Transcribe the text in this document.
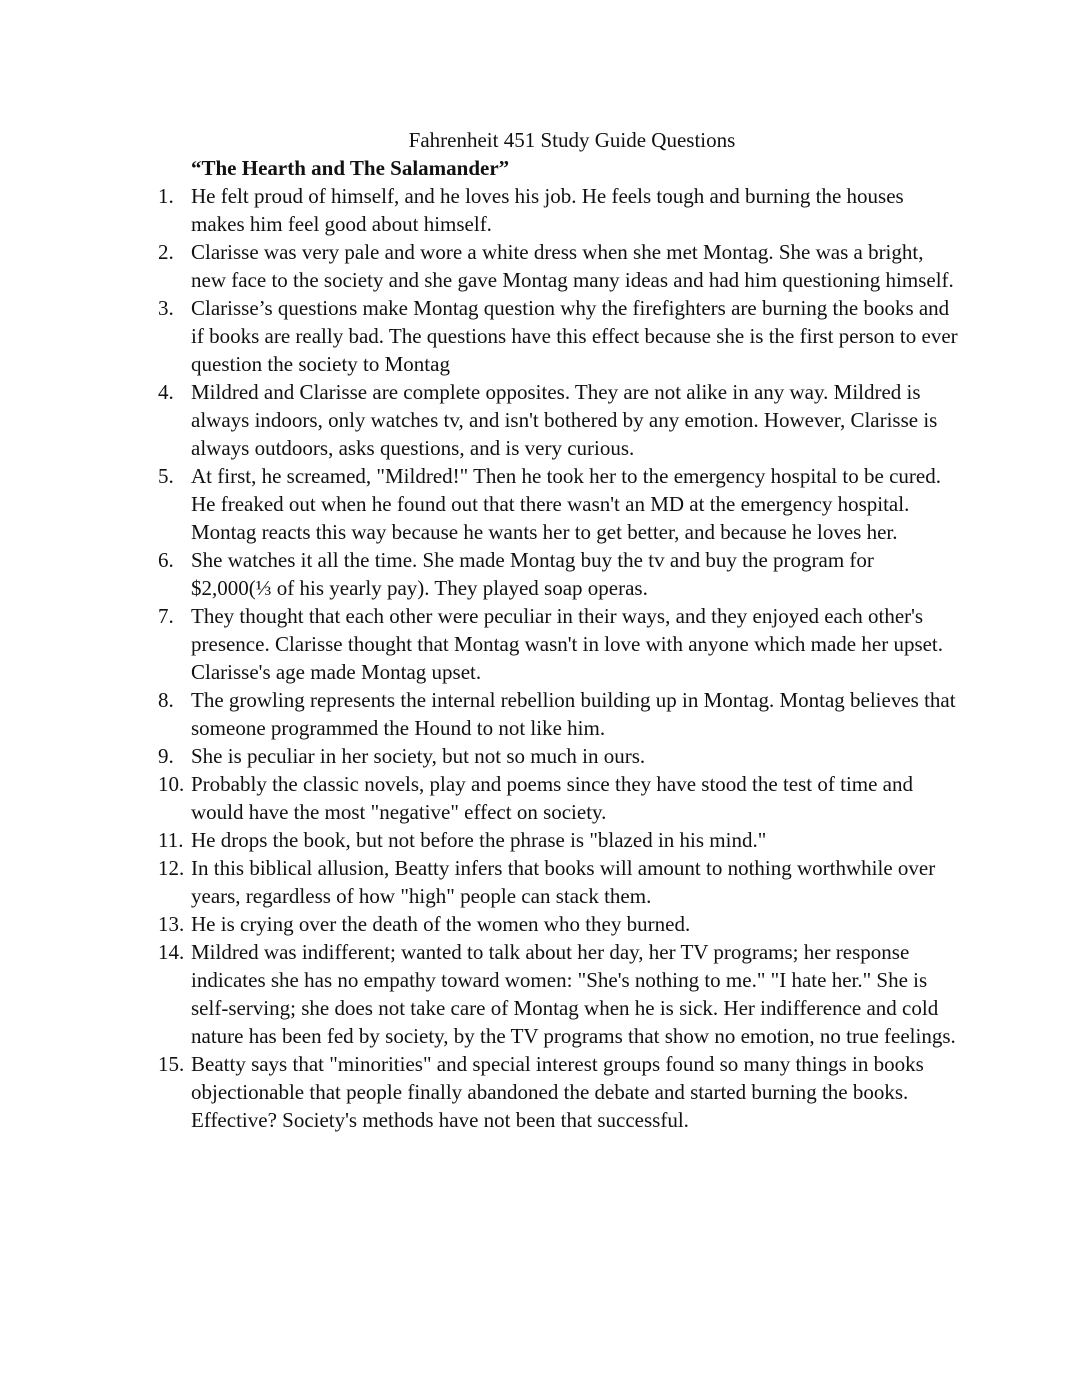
Fahrenheit 451 Study Guide Questions
“The Hearth and The Salamander”
1. He felt proud of himself, and he loves his job. He feels tough and burning the houses makes him feel good about himself.
2. Clarisse was very pale and wore a white dress when she met Montag. She was a bright, new face to the society and she gave Montag many ideas and had him questioning himself.
3. Clarisse’s questions make Montag question why the firefighters are burning the books and if books are really bad. The questions have this effect because she is the first person to ever question the society to Montag
4. Mildred and Clarisse are complete opposites. They are not alike in any way. Mildred is always indoors, only watches tv, and isn't bothered by any emotion. However, Clarisse is always outdoors, asks questions, and is very curious.
5. At first, he screamed, "Mildred!" Then he took her to the emergency hospital to be cured. He freaked out when he found out that there wasn't an MD at the emergency hospital. Montag reacts this way because he wants her to get better, and because he loves her.
6. She watches it all the time. She made Montag buy the tv and buy the program for $2,000(⅓ of his yearly pay). They played soap operas.
7. They thought that each other were peculiar in their ways, and they enjoyed each other's presence. Clarisse thought that Montag wasn't in love with anyone which made her upset. Clarisse's age made Montag upset.
8. The growling represents the internal rebellion building up in Montag. Montag believes that someone programmed the Hound to not like him.
9. She is peculiar in her society, but not so much in ours.
10. Probably the classic novels, play and poems since they have stood the test of time and would have the most "negative" effect on society.
11. He drops the book, but not before the phrase is "blazed in his mind."
12. In this biblical allusion, Beatty infers that books will amount to nothing worthwhile over years, regardless of how "high" people can stack them.
13. He is crying over the death of the women who they burned.
14. Mildred was indifferent; wanted to talk about her day, her TV programs; her response indicates she has no empathy toward women: "She's nothing to me." "I hate her." She is self-serving; she does not take care of Montag when he is sick. Her indifference and cold nature has been fed by society, by the TV programs that show no emotion, no true feelings.
15. Beatty says that "minorities" and special interest groups found so many things in books objectionable that people finally abandoned the debate and started burning the books. Effective? Society's methods have not been that successful.
